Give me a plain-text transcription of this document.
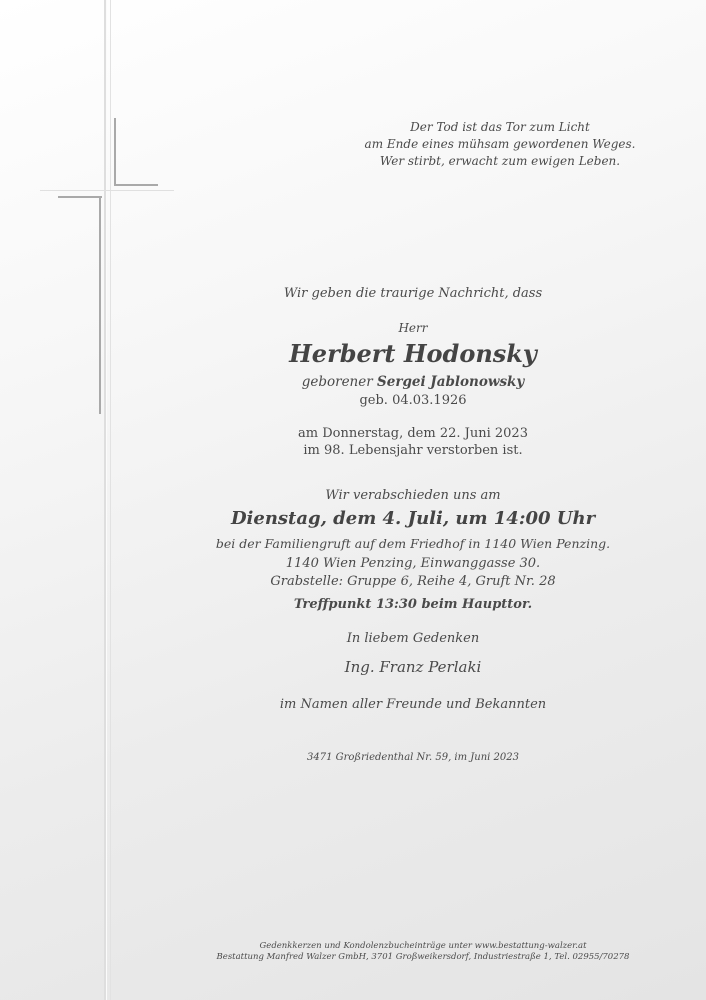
Der Tod ist das Tor zum Licht
am Ende eines mühsam gewordenen Weges.
Wer stirbt, erwacht zum ewigen Leben.
Wir geben die traurige Nachricht, dass
Herr
Herbert Hodonsky
geborener Sergei Jablonowsky
geb. 04.03.1926
am Donnerstag, dem 22. Juni 2023
im 98. Lebensjahr verstorben ist.
Wir verabschieden uns am
Dienstag, dem 4. Juli, um 14:00 Uhr
bei der Familiengruft auf dem Friedhof in 1140 Wien Penzing.
1140 Wien Penzing, Einwanggasse 30.
Grabstelle: Gruppe 6, Reihe 4, Gruft Nr. 28
Treffpunkt 13:30 beim Haupttor.
In liebem Gedenken
Ing. Franz Perlaki
im Namen aller Freunde und Bekannten
3471 Großriedenthal Nr. 59, im Juni 2023
Gedenkkerzen und Kondolenzbucheinträge unter www.bestattung-walzer.at
Bestattung Manfred Walzer GmbH, 3701 Großweikersdorf, Industriestraße 1, Tel. 02955/70278
